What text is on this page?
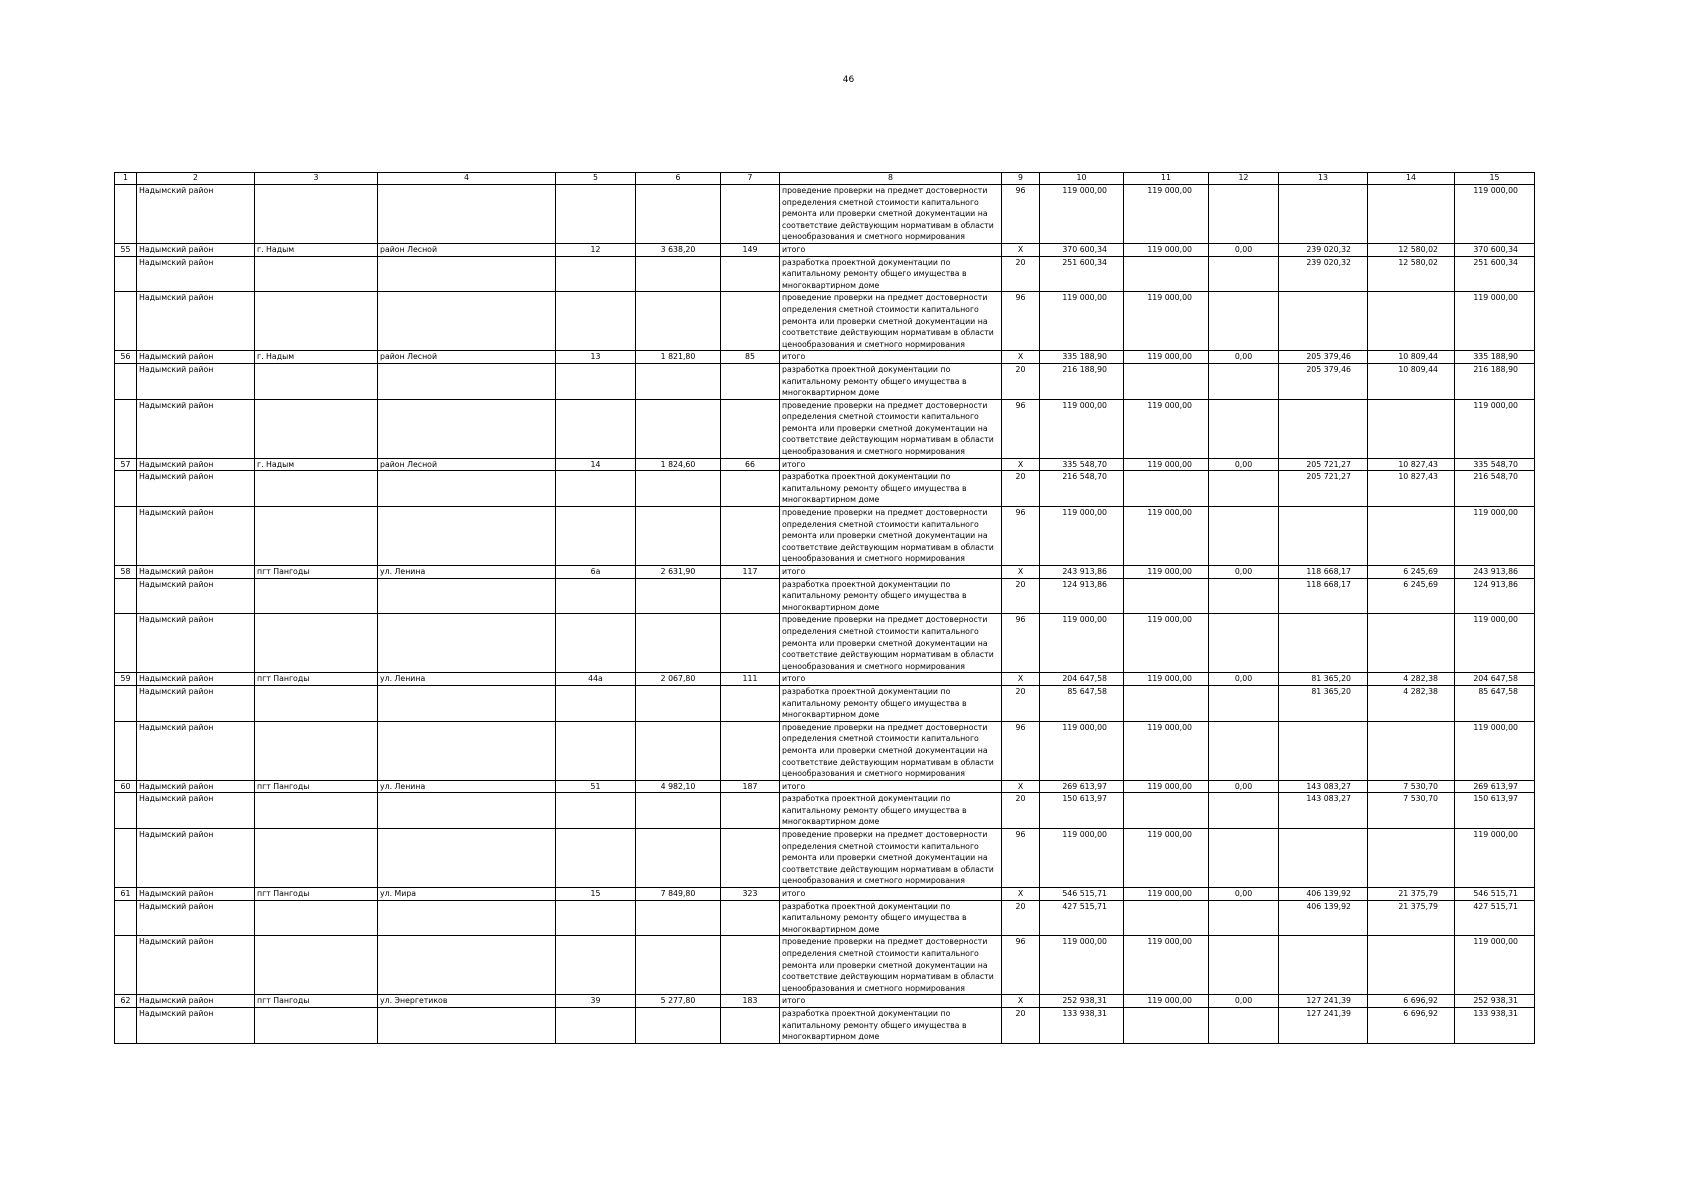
46
1	2	3	4	5	6	7	8	9	10	11	12	13	14	15
	Надымский район						проведение проверки на предмет достоверности определения сметной стоимости капитального ремонта или проверки сметной документации на соответствие действующим нормативам в области ценообразования и сметного нормирования	96	119 000,00	119 000,00				119 000,00
55	Надымский район	г. Надым	район Лесной	12	3 638,20	149	итого	Х	370 600,34	119 000,00	0,00	239 020,32	12 580,02	370 600,34
	Надымский район						разработка проектной документации по капитальному ремонту общего имущества в многоквартирном доме	20	251 600,34			239 020,32	12 580,02	251 600,34
	Надымский район						проведение проверки на предмет достоверности определения сметной стоимости капитального ремонта или проверки сметной документации на соответствие действующим нормативам в области ценообразования и сметного нормирования	96	119 000,00	119 000,00				119 000,00
56	Надымский район	г. Надым	район Лесной	13	1 821,80	85	итого	Х	335 188,90	119 000,00	0,00	205 379,46	10 809,44	335 188,90
	Надымский район						разработка проектной документации по капитальному ремонту общего имущества в многоквартирном доме	20	216 188,90			205 379,46	10 809,44	216 188,90
	Надымский район						проведение проверки на предмет достоверности определения сметной стоимости капитального ремонта или проверки сметной документации на соответствие действующим нормативам в области ценообразования и сметного нормирования	96	119 000,00	119 000,00				119 000,00
57	Надымский район	г. Надым	район Лесной	14	1 824,60	66	итого	Х	335 548,70	119 000,00	0,00	205 721,27	10 827,43	335 548,70
	Надымский район						разработка проектной документации по капитальному ремонту общего имущества в многоквартирном доме	20	216 548,70			205 721,27	10 827,43	216 548,70
	Надымский район						проведение проверки на предмет достоверности определения сметной стоимости капитального ремонта или проверки сметной документации на соответствие действующим нормативам в области ценообразования и сметного нормирования	96	119 000,00	119 000,00				119 000,00
58	Надымский район	пгт Пангоды	ул. Ленина	6а	2 631,90	117	итого	Х	243 913,86	119 000,00	0,00	118 668,17	6 245,69	243 913,86
	Надымский район						разработка проектной документации по капитальному ремонту общего имущества в многоквартирном доме	20	124 913,86			118 668,17	6 245,69	124 913,86
	Надымский район						проведение проверки на предмет достоверности определения сметной стоимости капитального ремонта или проверки сметной документации на соответствие действующим нормативам в области ценообразования и сметного нормирования	96	119 000,00	119 000,00				119 000,00
59	Надымский район	пгт Пангоды	ул. Ленина	44а	2 067,80	111	итого	Х	204 647,58	119 000,00	0,00	81 365,20	4 282,38	204 647,58
	Надымский район						разработка проектной документации по капитальному ремонту общего имущества в многоквартирном доме	20	85 647,58			81 365,20	4 282,38	85 647,58
	Надымский район						проведение проверки на предмет достоверности определения сметной стоимости капитального ремонта или проверки сметной документации на соответствие действующим нормативам в области ценообразования и сметного нормирования	96	119 000,00	119 000,00				119 000,00
60	Надымский район	пгт Пангоды	ул. Ленина	51	4 982,10	187	итого	Х	269 613,97	119 000,00	0,00	143 083,27	7 530,70	269 613,97
	Надымский район						разработка проектной документации по капитальному ремонту общего имущества в многоквартирном доме	20	150 613,97			143 083,27	7 530,70	150 613,97
	Надымский район						проведение проверки на предмет достоверности определения сметной стоимости капитального ремонта или проверки сметной документации на соответствие действующим нормативам в области ценообразования и сметного нормирования	96	119 000,00	119 000,00				119 000,00
61	Надымский район	пгт Пангоды	ул. Мира	15	7 849,80	323	итого	Х	546 515,71	119 000,00	0,00	406 139,92	21 375,79	546 515,71
	Надымский район						разработка проектной документации по капитальному ремонту общего имущества в многоквартирном доме	20	427 515,71			406 139,92	21 375,79	427 515,71
	Надымский район						проведение проверки на предмет достоверности определения сметной стоимости капитального ремонта или проверки сметной документации на соответствие действующим нормативам в области ценообразования и сметного нормирования	96	119 000,00	119 000,00				119 000,00
62	Надымский район	пгт Пангоды	ул. Энергетиков	39	5 277,80	183	итого	Х	252 938,31	119 000,00	0,00	127 241,39	6 696,92	252 938,31
	Надымский район						разработка проектной документации по капитальному ремонту общего имущества в многоквартирном доме	20	133 938,31			127 241,39	6 696,92	133 938,31
